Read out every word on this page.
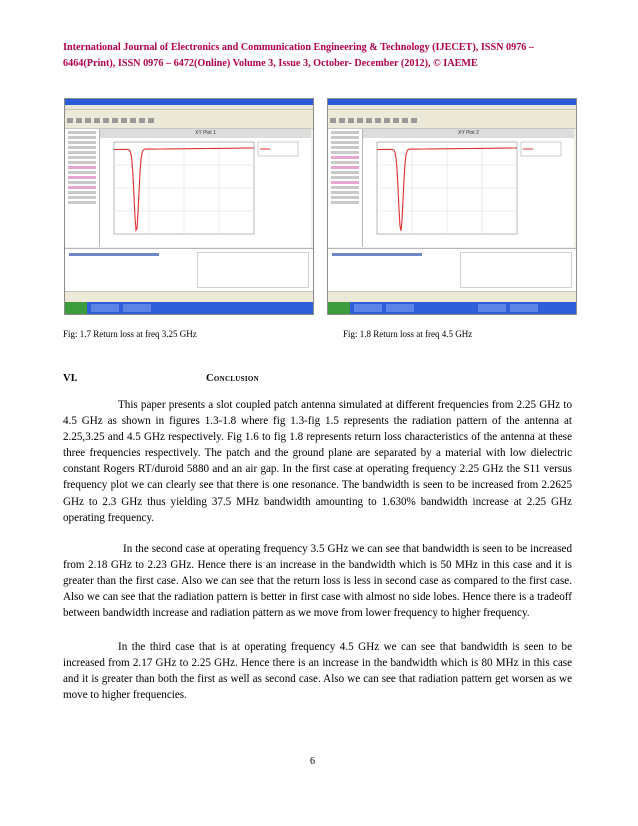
International Journal of Electronics and Communication Engineering & Technology (IJECET), ISSN 0976 –
6464(Print), ISSN 0976 – 6472(Online) Volume 3, Issue 3, October- December (2012), © IAEME
XY Plot 1	XY Plot 2
Fig: 1.7 Return loss at freq 3.25 GHz	Fig: 1.8 Return loss at freq 4.5 GHz
VI.	Conclusion

This paper presents a slot coupled patch antenna simulated at different frequencies from 2.25 GHz to 4.5 GHz as shown in figures 1.3-1.8 where fig 1.3-fig 1.5 represents the radiation pattern of the antenna at 2.25,3.25 and 4.5 GHz respectively. Fig 1.6 to fig 1.8 represents return loss characteristics of the antenna at these three frequencies respectively. The patch and the ground plane are separated by a material with low dielectric constant Rogers RT/duroid 5880 and an air gap. In the first case at operating frequency 2.25 GHz the S11 versus frequency plot we can clearly see that there is one resonance. The bandwidth is seen to be increased from 2.2625 GHz to 2.3 GHz thus yielding 37.5 MHz bandwidth amounting to 1.630% bandwidth increase at 2.25 GHz operating frequency.

In the second case at operating frequency 3.5 GHz we can see that bandwidth is seen to be increased from 2.18 GHz to 2.23 GHz. Hence there is an increase in the bandwidth which is 50 MHz in this case and it is greater than the first case. Also we can see that the return loss is less in second case as compared to the first case. Also we can see that the radiation pattern is better in first case with almost no side lobes. Hence there is a tradeoff between bandwidth increase and radiation pattern as we move from lower frequency to higher frequency.

In the third case that is at operating frequency 4.5 GHz we can see that bandwidth is seen to be increased from 2.17 GHz to 2.25 GHz. Hence there is an increase in the bandwidth which is 80 MHz in this case and it is greater than both the first as well as second case. Also we can see that radiation pattern get worsen as we move to higher frequencies.

6
